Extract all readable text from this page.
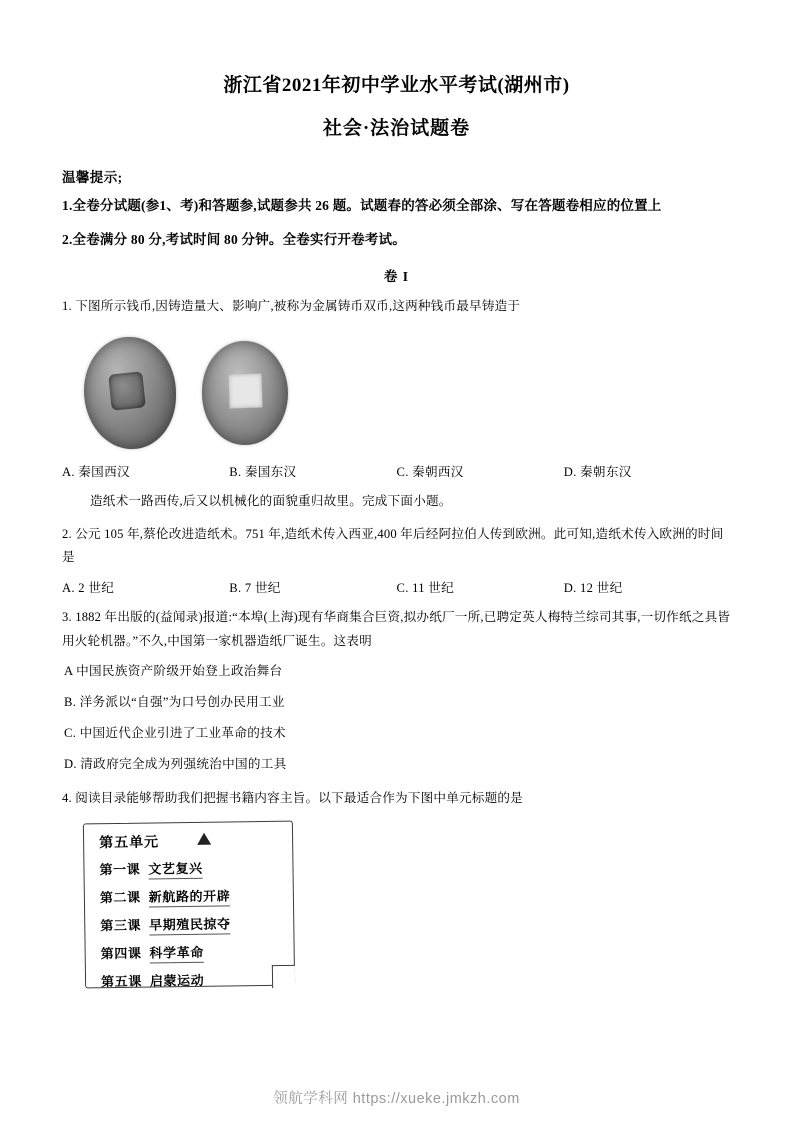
浙江省2021年初中学业水平考试(湖州市)
社会·法治试题卷
温馨提示;
1.全卷分试题(参1、考)和答题参,试题参共 26 题。试题春的答必须全部涂、写在答题卷相应的位置上
2.全卷满分 80 分,考试时间 80 分钟。全卷实行开卷考试。
卷 I
1. 下图所示钱币,因铸造量大、影响广,被称为金属铸币双币,这两种钱币最早铸造于
A. 秦国西汉	B. 秦国东汉	C. 秦朝西汉	D. 秦朝东汉
造纸术一路西传,后又以机械化的面貌重归故里。完成下面小题。
2. 公元 105 年,蔡伦改进造纸术。751 年,造纸术传入西亚,400 年后经阿拉伯人传到欧洲。此可知,造纸术传入欧洲的时间是
A. 2 世纪	B. 7 世纪	C. 11 世纪	D. 12 世纪
3. 1882 年出版的(益闻录)报道:“本埠(上海)现有华商集合巨资,拟办纸厂一所,已聘定英人梅特兰综司其事,一切作纸之具皆用火轮机器。”不久,中国第一家机器造纸厂诞生。这表明
A 中国民族资产阶级开始登上政治舞台
B. 洋务派以“自强”为口号创办民用工业
C. 中国近代企业引进了工业革命的技术
D. 清政府完全成为列强统治中国的工具
4. 阅读目录能够帮助我们把握书籍内容主旨。以下最适合作为下图中单元标题的是
第五单元
第一课 文艺复兴
第二课 新航路的开辟
第三课 早期殖民掠夺
第四课 科学革命
第五课 启蒙运动
领航学科网 https://xueke.jmkzh.com
